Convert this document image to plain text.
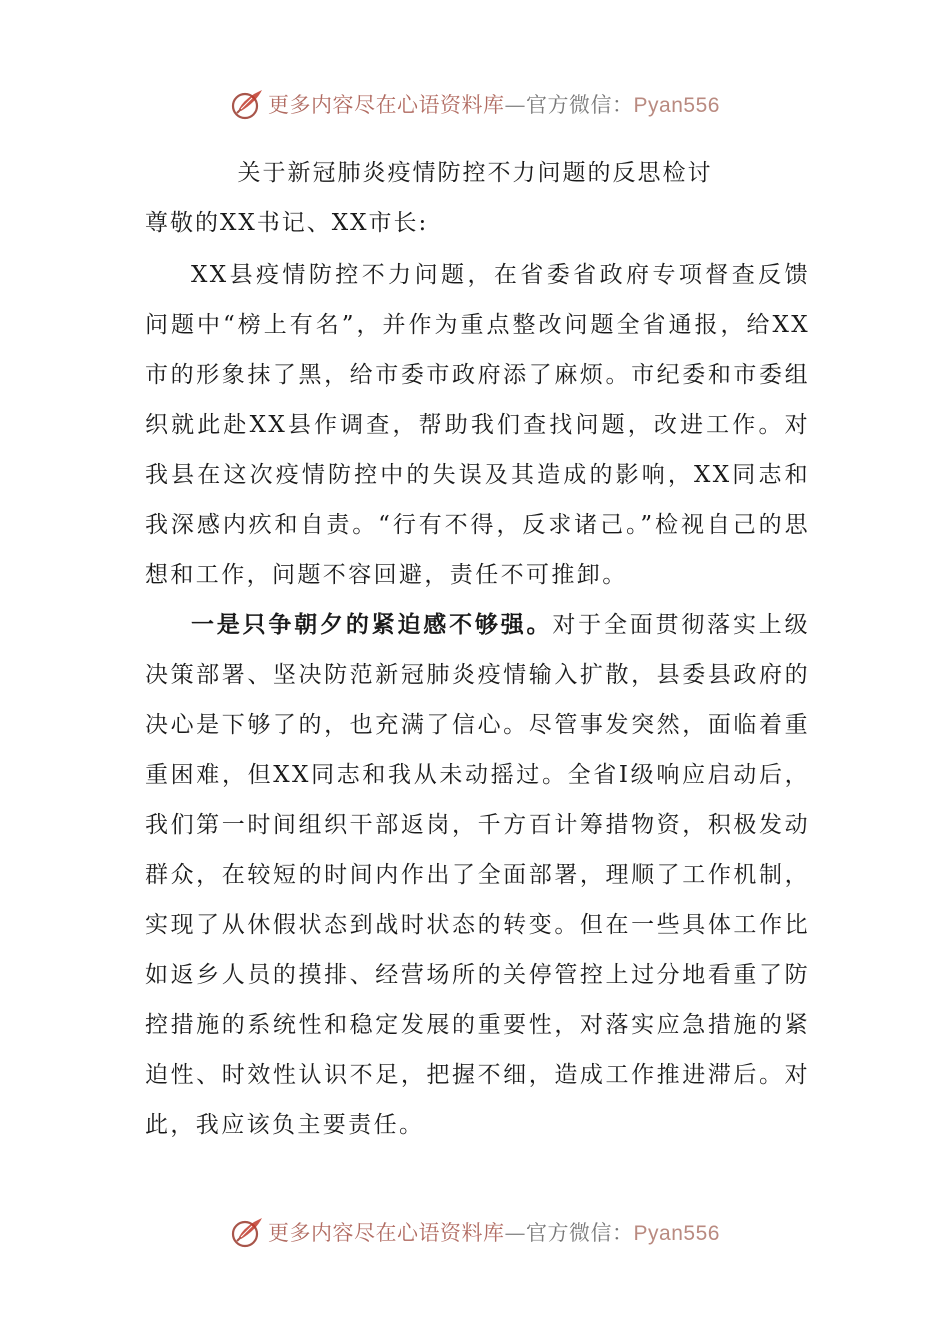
更多内容尽在心语资料库—官方微信：Pyan556
关于新冠肺炎疫情防控不力问题的反思检讨

尊敬的XX书记、XX市长:

XX县疫情防控不力问题，在省委省政府专项督查反馈问题中“榜上有名”，并作为重点整改问题全省通报，给XX市的形象抹了黑，给市委市政府添了麻烦。市纪委和市委组织就此赴XX县作调查，帮助我们查找问题，改进工作。对我县在这次疫情防控中的失误及其造成的影响，XX同志和我深感内疚和自责。“行有不得，反求诸己。”检视自己的思想和工作，问题不容回避，责任不可推卸。

一是只争朝夕的紧迫感不够强。对于全面贯彻落实上级决策部署、坚决防范新冠肺炎疫情输入扩散，县委县政府的决心是下够了的，也充满了信心。尽管事发突然，面临着重重困难，但XX同志和我从未动摇过。全省Ⅰ级响应启动后，我们第一时间组织干部返岗，千方百计筹措物资，积极发动群众，在较短的时间内作出了全面部署，理顺了工作机制，实现了从休假状态到战时状态的转变。但在一些具体工作比如返乡人员的摸排、经营场所的关停管控上过分地看重了防控措施的系统性和稳定发展的重要性，对落实应急措施的紧迫性、时效性认识不足，把握不细，造成工作推进滞后。对此，我应该负主要责任。

更多内容尽在心语资料库—官方微信：Pyan556
